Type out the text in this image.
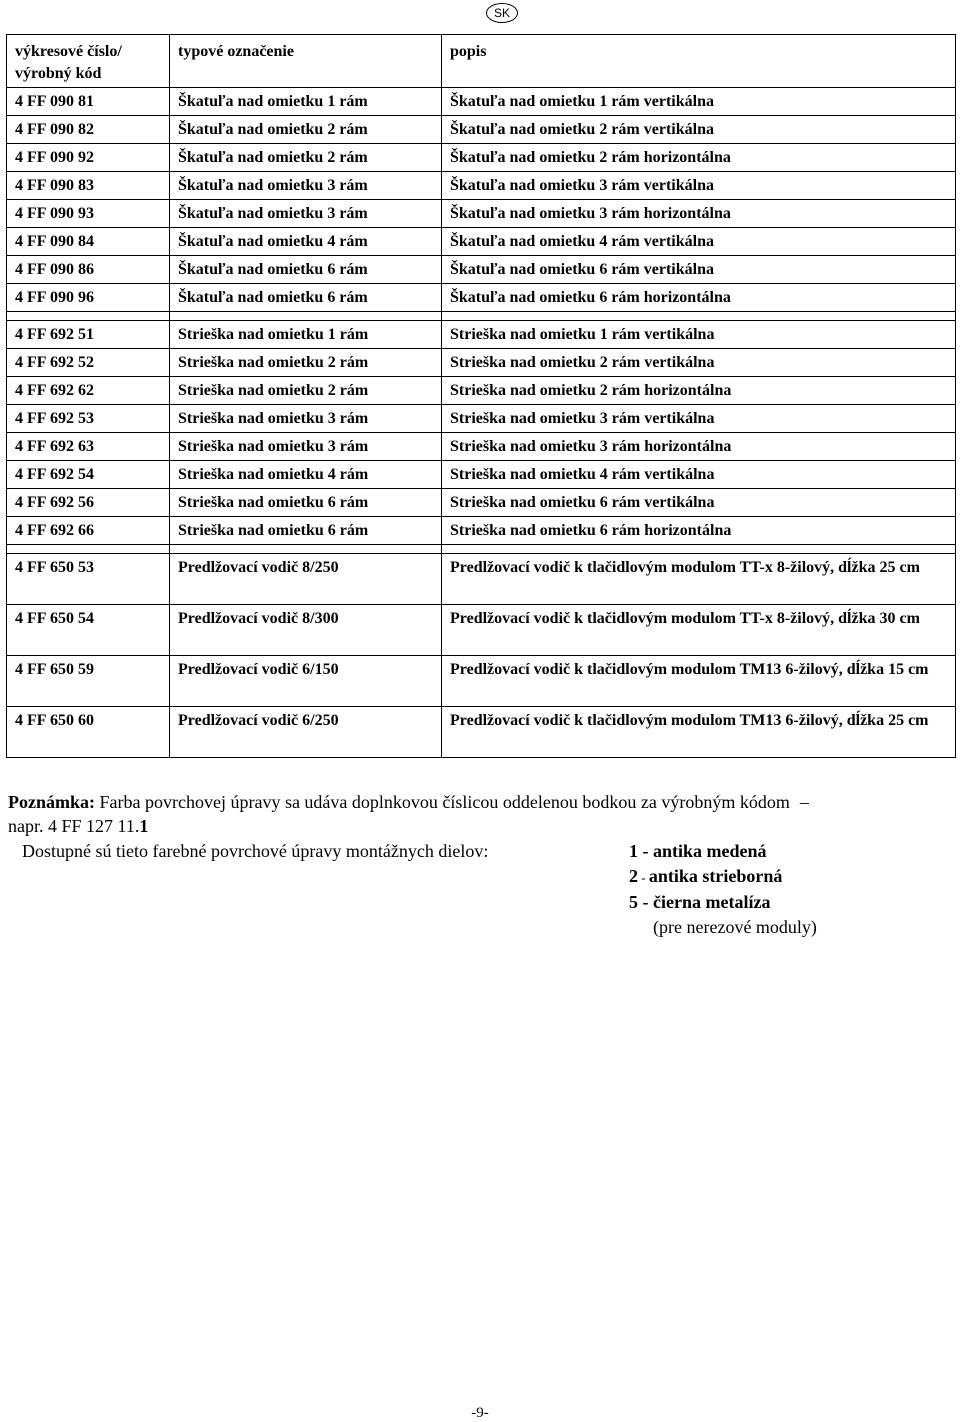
SK
výkresové číslo/ výrobný kód	typové označenie	popis
4 FF 090 81	Škatuľa nad omietku 1 rám	Škatuľa nad omietku 1 rám vertikálna
4 FF 090 82	Škatuľa nad omietku 2 rám	Škatuľa nad omietku 2 rám vertikálna
4 FF 090 92	Škatuľa nad omietku 2 rám	Škatuľa nad omietku 2 rám horizontálna
4 FF 090 83	Škatuľa nad omietku 3 rám	Škatuľa nad omietku 3 rám vertikálna
4 FF 090 93	Škatuľa nad omietku 3 rám	Škatuľa nad omietku 3 rám horizontálna
4 FF 090 84	Škatuľa nad omietku 4 rám	Škatuľa nad omietku 4 rám vertikálna
4 FF 090 86	Škatuľa nad omietku 6 rám	Škatuľa nad omietku 6 rám vertikálna
4 FF 090 96	Škatuľa nad omietku 6 rám	Škatuľa nad omietku 6 rám horizontálna

4 FF 692 51	Strieška nad omietku 1 rám	Strieška nad omietku 1 rám vertikálna
4 FF 692 52	Strieška nad omietku 2 rám	Strieška nad omietku 2 rám vertikálna
4 FF 692 62	Strieška nad omietku 2 rám	Strieška nad omietku 2 rám horizontálna
4 FF 692 53	Strieška nad omietku 3 rám	Strieška nad omietku 3 rám vertikálna
4 FF 692 63	Strieška nad omietku 3 rám	Strieška nad omietku 3 rám horizontálna
4 FF 692 54	Strieška nad omietku 4 rám	Strieška nad omietku 4 rám vertikálna
4 FF 692 56	Strieška nad omietku 6 rám	Strieška nad omietku 6 rám vertikálna
4 FF 692 66	Strieška nad omietku 6 rám	Strieška nad omietku 6 rám horizontálna

4 FF 650 53	Predlžovací vodič 8/250	Predlžovací vodič k tlačidlovým modulom TT-x 8-žilový, dĺžka 25 cm
4 FF 650 54	Predlžovací vodič 8/300	Predlžovací vodič k tlačidlovým modulom TT-x 8-žilový, dĺžka 30 cm
4 FF 650 59	Predlžovací vodič 6/150	Predlžovací vodič k tlačidlovým modulom TM13 6-žilový, dĺžka 15 cm
4 FF 650 60	Predlžovací vodič 6/250	Predlžovací vodič k tlačidlovým modulom TM13 6-žilový, dĺžka 25 cm
Poznámka: Farba povrchovej úpravy sa udáva doplnkovou číslicou oddelenou bodkou za výrobným kódom –
napr. 4 FF 127 11.1
Dostupné sú tieto farebné povrchové úpravy montážnych dielov:	1 - antika medená
2 - antika strieborná
5 - čierna metalíza
(pre nerezové moduly)
-9-
